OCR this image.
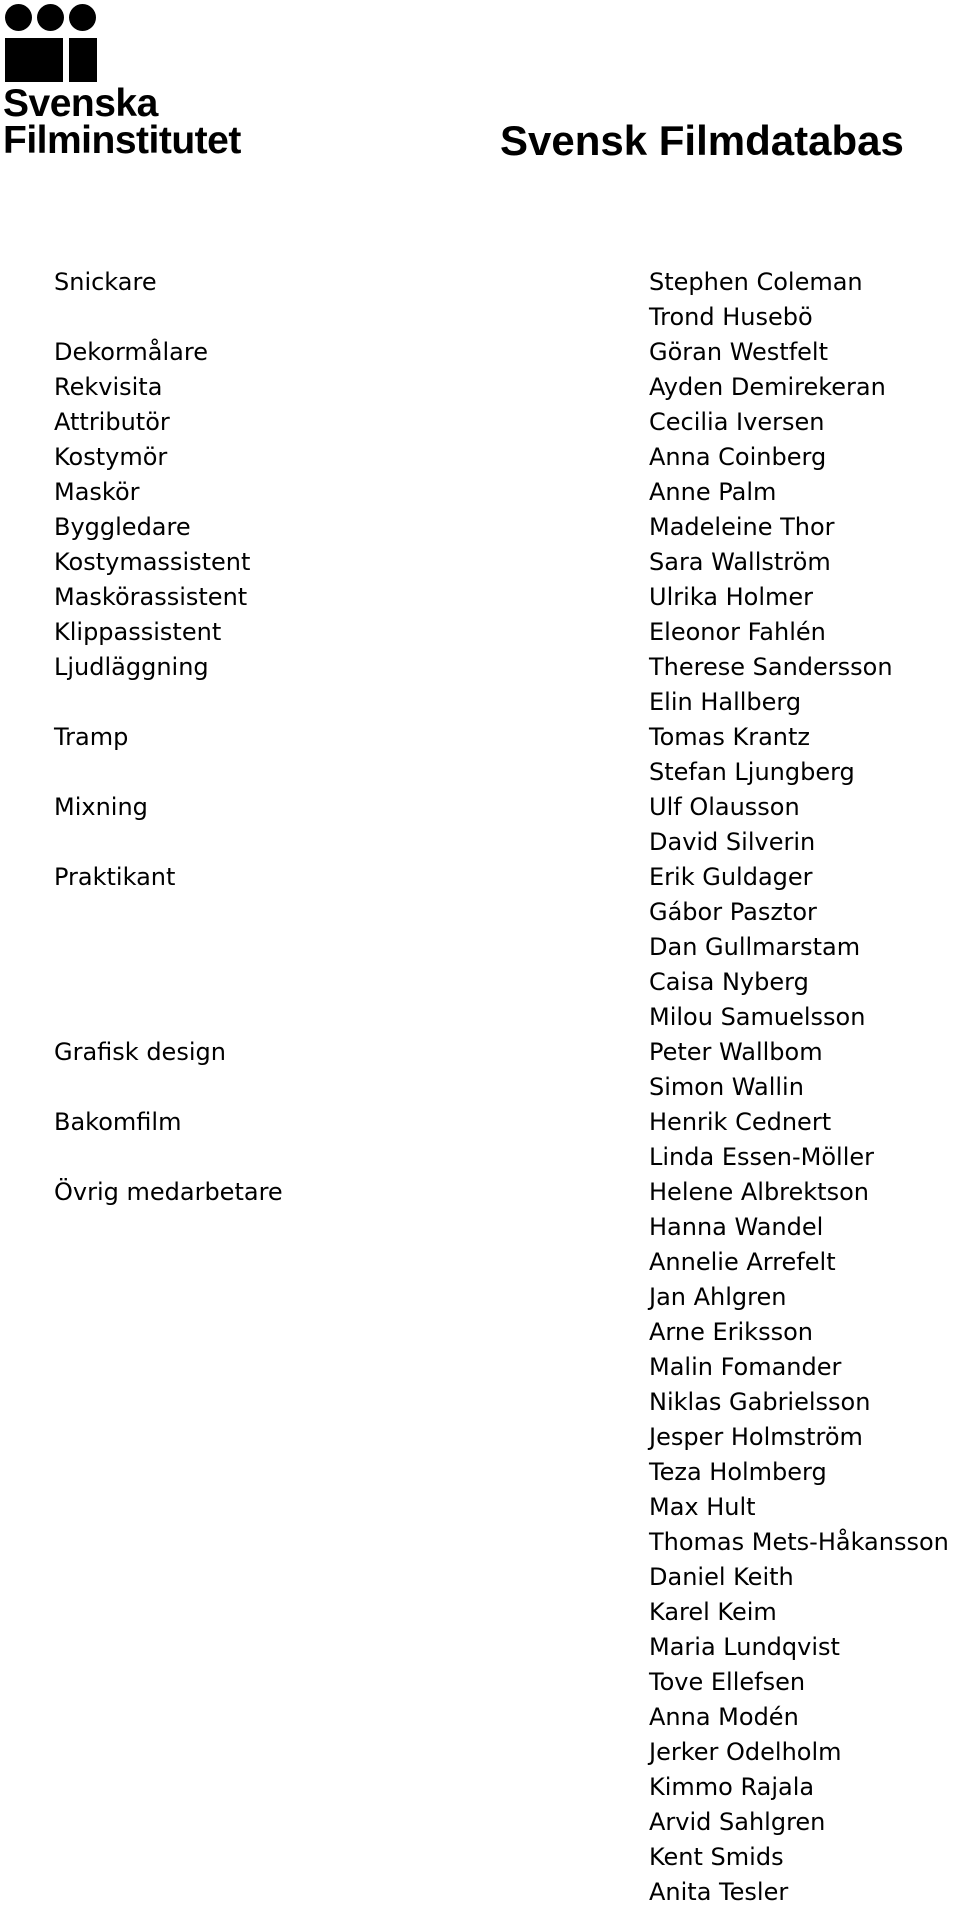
Svenska
Filminstitutet	Svensk Filmdatabas
Snickare
Dekormålare
Rekvisita
Attributör
Kostymör
Maskör
Byggledare
Kostymassistent
Maskörassistent
Klippassistent
Ljudläggning
Tramp
Mixning
Praktikant
Grafisk design
Bakomfilm
Övrig medarbetare
Stephen Coleman
Trond Husebö
Göran Westfelt
Ayden Demirekeran
Cecilia Iversen
Anna Coinberg
Anne Palm
Madeleine Thor
Sara Wallström
Ulrika Holmer
Eleonor Fahlén
Therese Sandersson
Elin Hallberg
Tomas Krantz
Stefan Ljungberg
Ulf Olausson
David Silverin
Erik Guldager
Gábor Pasztor
Dan Gullmarstam
Caisa Nyberg
Milou Samuelsson
Peter Wallbom
Simon Wallin
Henrik Cednert
Linda Essen-Möller
Helene Albrektson
Hanna Wandel
Annelie Arrefelt
Jan Ahlgren
Arne Eriksson
Malin Fomander
Niklas Gabrielsson
Jesper Holmström
Teza Holmberg
Max Hult
Thomas Mets-Håkansson
Daniel Keith
Karel Keim
Maria Lundqvist
Tove Ellefsen
Anna Modén
Jerker Odelholm
Kimmo Rajala
Arvid Sahlgren
Kent Smids
Anita Tesler
